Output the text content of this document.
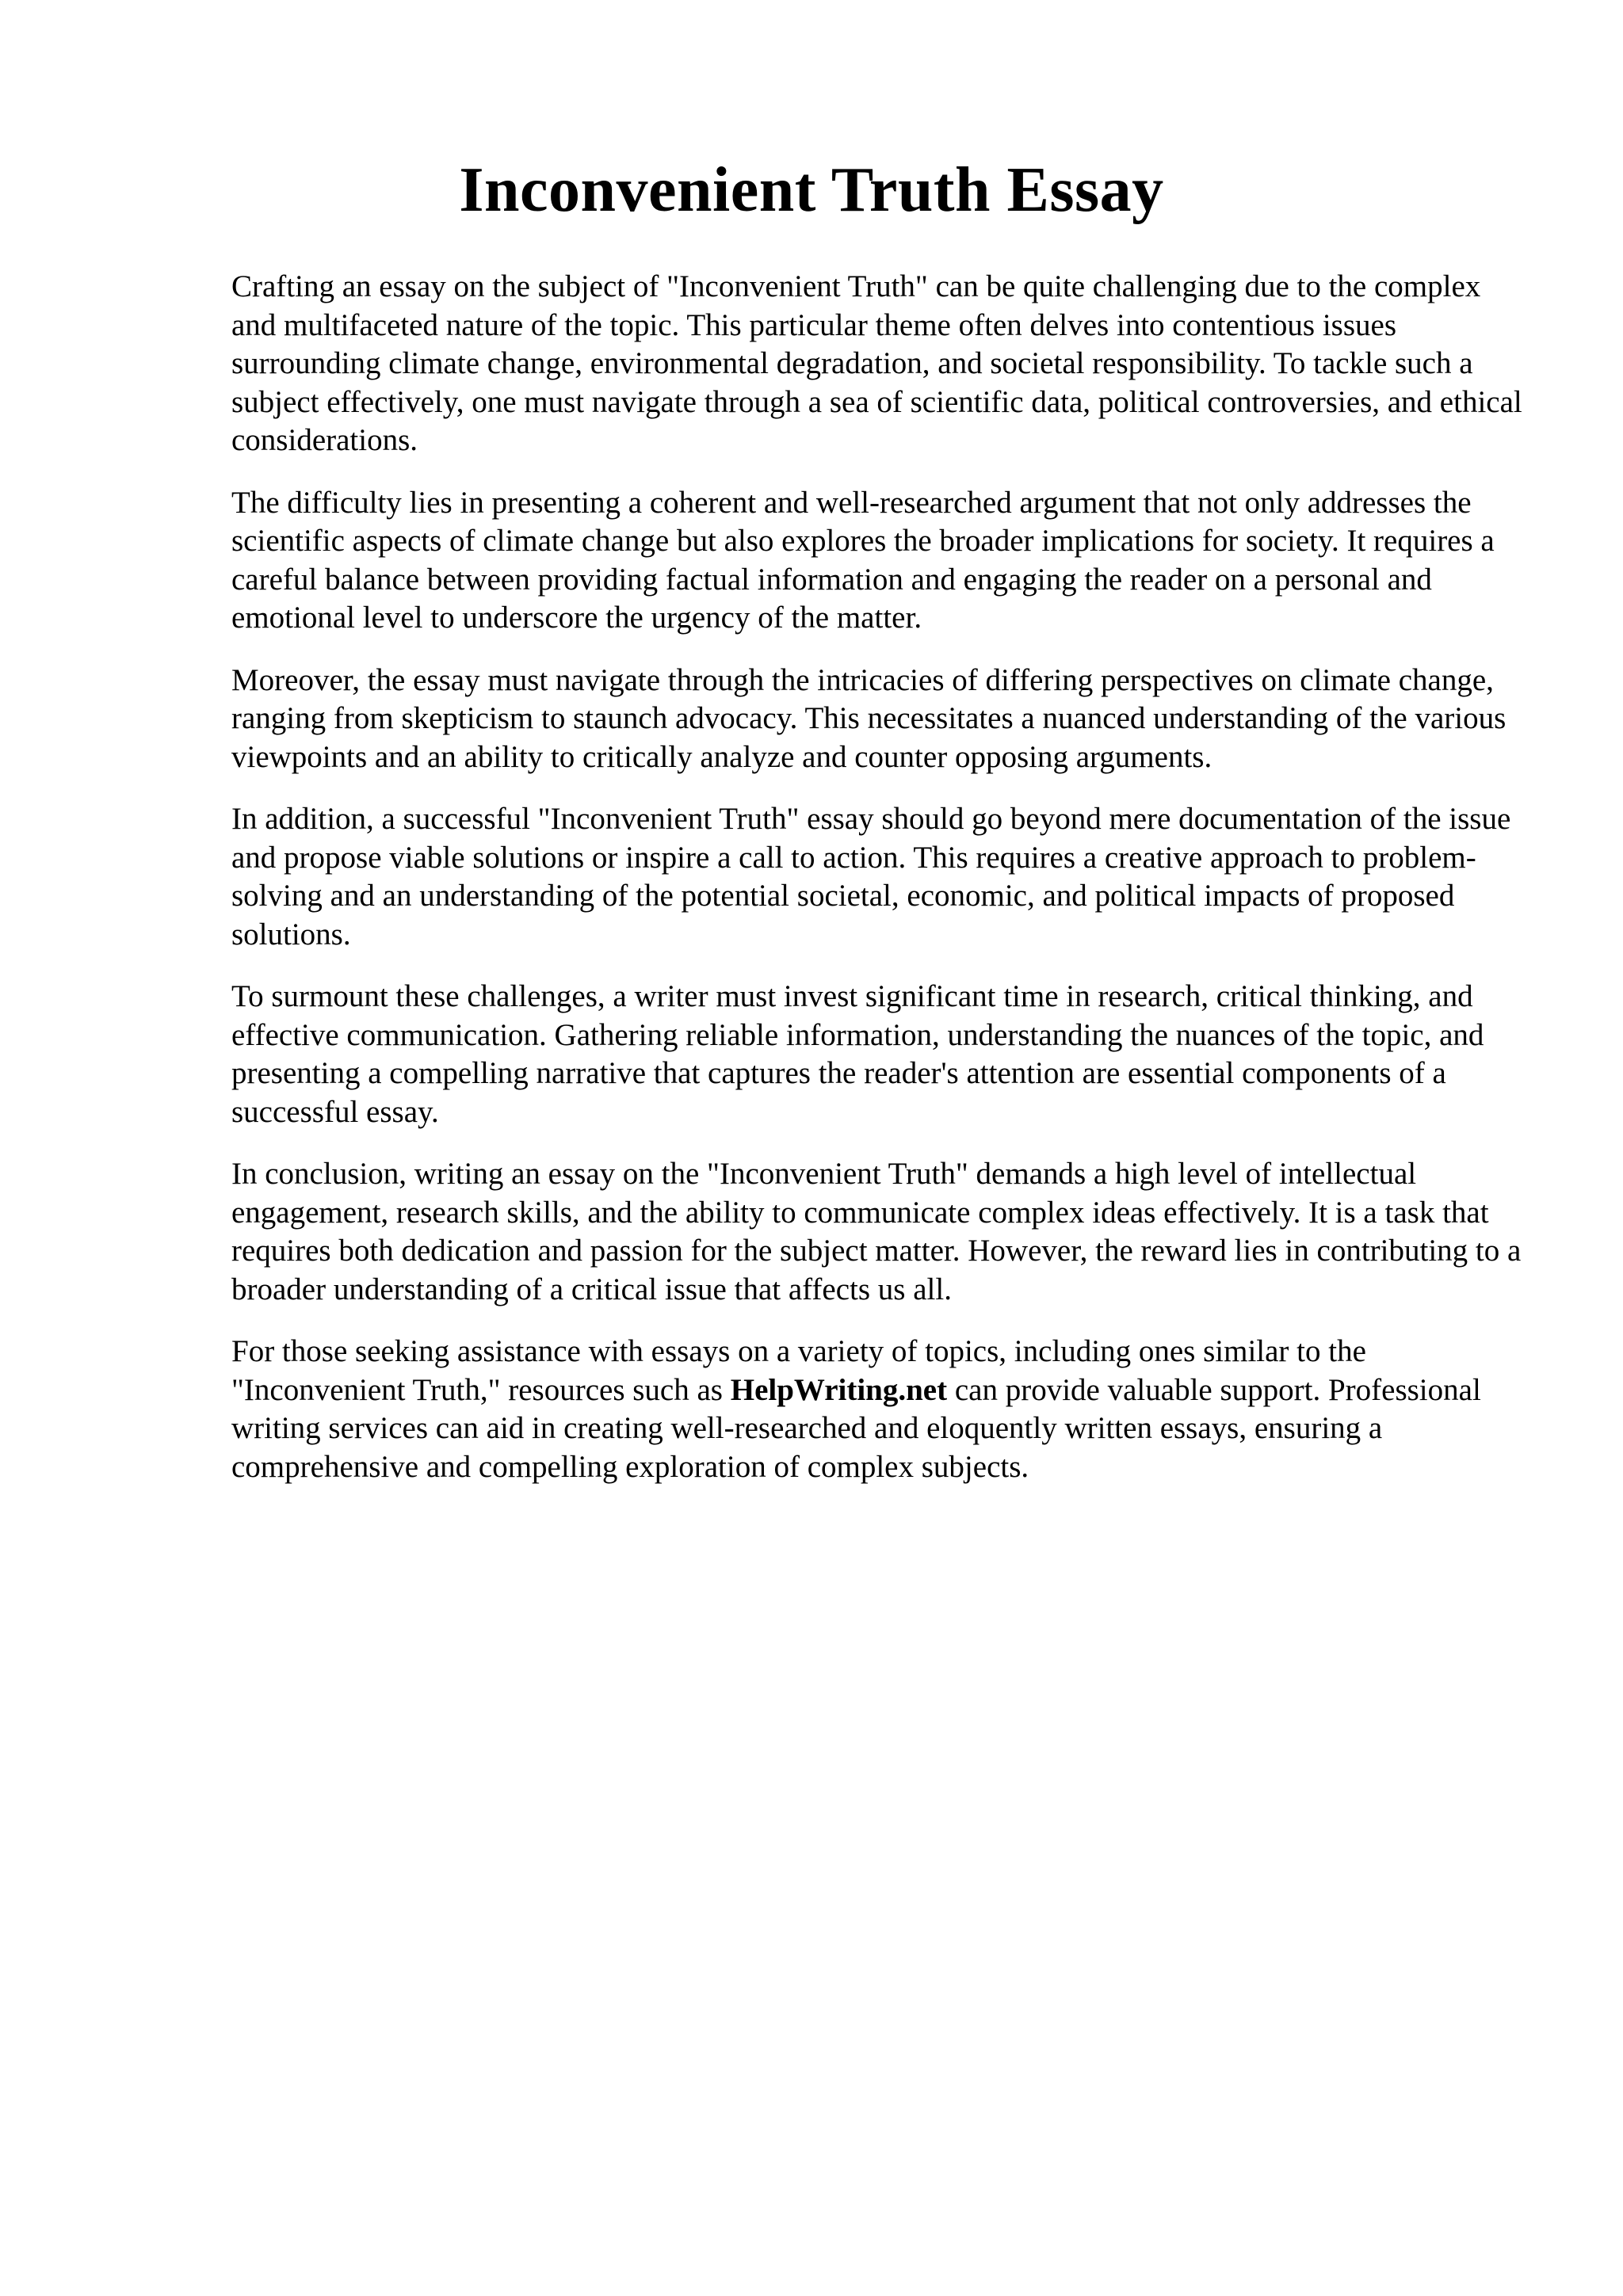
Inconvenient Truth Essay

Crafting an essay on the subject of "Inconvenient Truth" can be quite challenging due to the complex and multifaceted nature of the topic. This particular theme often delves into contentious issues surrounding climate change, environmental degradation, and societal responsibility. To tackle such a subject effectively, one must navigate through a sea of scientific data, political controversies, and ethical considerations.

The difficulty lies in presenting a coherent and well-researched argument that not only addresses the scientific aspects of climate change but also explores the broader implications for society. It requires a careful balance between providing factual information and engaging the reader on a personal and emotional level to underscore the urgency of the matter.

Moreover, the essay must navigate through the intricacies of differing perspectives on climate change, ranging from skepticism to staunch advocacy. This necessitates a nuanced understanding of the various viewpoints and an ability to critically analyze and counter opposing arguments.

In addition, a successful "Inconvenient Truth" essay should go beyond mere documentation of the issue and propose viable solutions or inspire a call to action. This requires a creative approach to problem-solving and an understanding of the potential societal, economic, and political impacts of proposed solutions.

To surmount these challenges, a writer must invest significant time in research, critical thinking, and effective communication. Gathering reliable information, understanding the nuances of the topic, and presenting a compelling narrative that captures the reader's attention are essential components of a successful essay.

In conclusion, writing an essay on the "Inconvenient Truth" demands a high level of intellectual engagement, research skills, and the ability to communicate complex ideas effectively. It is a task that requires both dedication and passion for the subject matter. However, the reward lies in contributing to a broader understanding of a critical issue that affects us all.

For those seeking assistance with essays on a variety of topics, including ones similar to the "Inconvenient Truth," resources such as HelpWriting.net can provide valuable support. Professional writing services can aid in creating well-researched and eloquently written essays, ensuring a comprehensive and compelling exploration of complex subjects.
